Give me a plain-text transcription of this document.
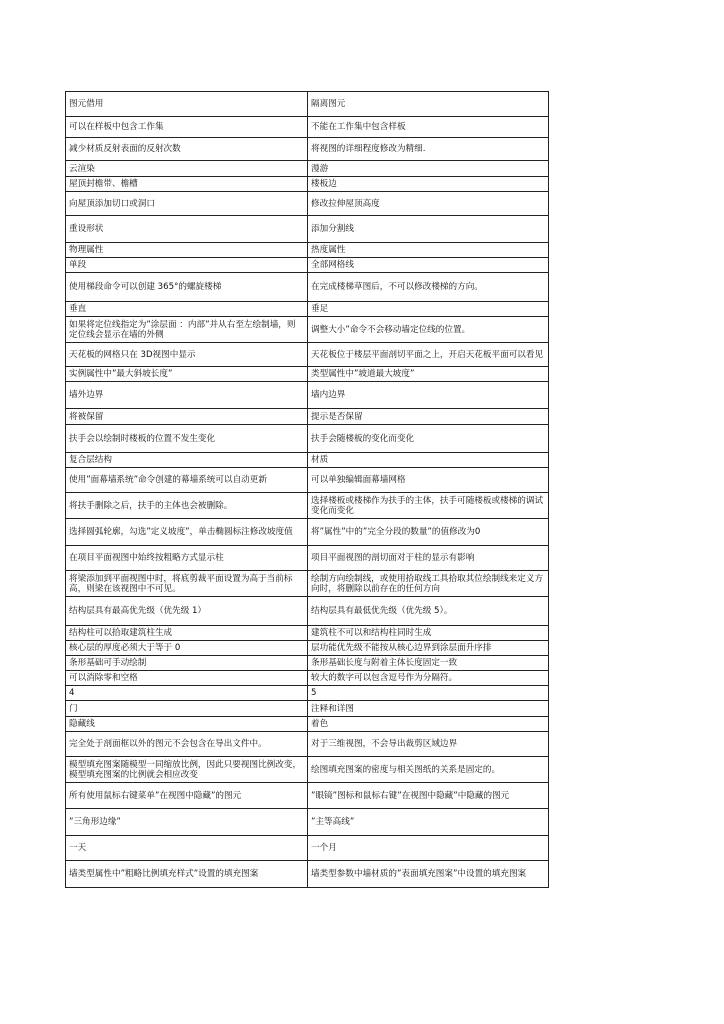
图元借用	隔离图元
可以在样板中包含工作集	不能在工作集中包含样板
减少材质反射表面的反射次数	将视图的详细程度修改为精细.
云渲染	漫游
屋顶封檐带、檐槽	楼板边
向屋顶添加切口或洞口	修改拉伸屋顶高度
重设形状	添加分割线
物理属性	热度属性
单段	全部网格线
使用梯段命令可以创建 365°的螺旋楼梯	在完成楼梯草图后，不可以修改楼梯的方向。
垂直	垂足
如果将定位线指定为”涂层面 ：内部”并从右至左绘制墙，则定位线会显示在墙的外侧	调整大小”命令不会移动墙定位线的位置。
天花板的网格只在 3D视图中显示	天花板位于楼层平面剖切平面之上，开启天花板平面可以看见
实例属性中”最大斜坡长度”	类型属性中”坡道最大坡度”
墙外边界	墙内边界
将被保留	提示是否保留
扶手会以绘制时楼板的位置不发生变化	扶手会随楼板的变化而变化
复合层结构	材质
使用”面幕墙系统”命令创建的幕墙系统可以自动更新	可以单独编辑面幕墙网格
将扶手删除之后，扶手的主体也会被删除。	选择楼板或楼梯作为扶手的主体，扶手可随楼板或楼梯的调试变化而变化
选择圆弧轮廓，勾选”定义坡度”，单击椭圆标注修改坡度值	将”属性”中的”完全分段的数量”的值修改为0
在项目平面视图中始终按粗略方式显示柱	项目平面视图的剖切面对于柱的显示有影响
将梁添加到平面视图中时，将底剪裁平面设置为高于当前标高，则梁在该视图中不可见。	绘制方向绘制线，或使用拾取线工具拾取其位绘制线来定义方向时，将删除以前存在的任何方向
结构层具有最高优先级（优先级 1）	结构层具有最低优先级（优先级 5）。
结构柱可以拾取建筑柱生成	建筑柱不可以和结构柱同时生成
核心层的厚度必须大于等于 0	层功能优先级不能按从核心边界到涂层面升序排
条形基础可手动绘制	条形基础长度与附着主体长度固定一致
可以消除零和空格	较大的数字可以包含逗号作为分隔符。
4	5
门	注释和详图
隐藏线	着色
完全处于剖面框以外的图元不会包含在导出文件中。	对于三维视图，不会导出裁剪区域边界
模型填充图案随模型一同缩放比例，因此只要视图比例改变，模型填充图案的比例就会相应改变	绘图填充图案的密度与相关图纸的关系是固定的。
所有使用鼠标右键菜单”在视图中隐藏”的图元	”眼镜”图标和鼠标右键”在视图中隐藏”中隐藏的图元
”三角形边缘”	”主等高线”
一天	一个月
墙类型属性中”粗略比例填充样式”设置的填充图案	墙类型参数中墙材质的”表面填充图案”中设置的填充图案
